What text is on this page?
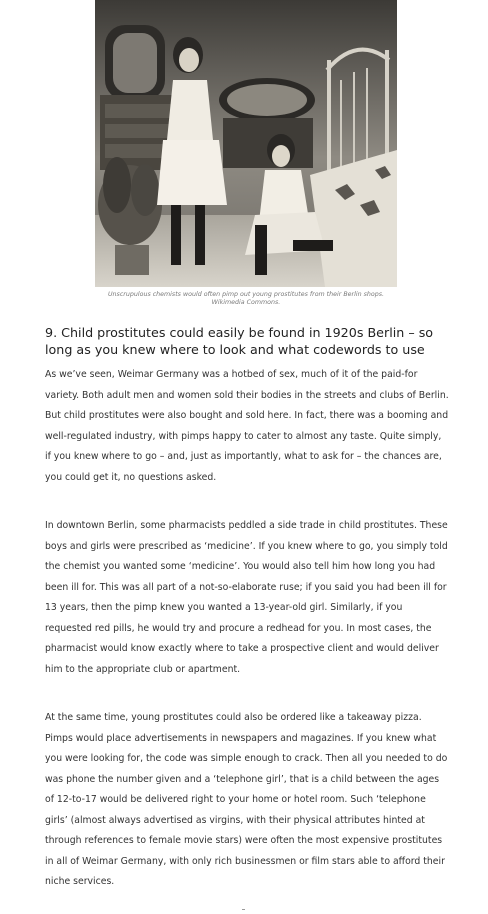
Unscrupulous chemists would often pimp out young prostitutes from their Berlin shops. Wikimedia Commons.
9. Child prostitutes could easily be found in 1920s Berlin – so long as you knew where to look and what codewords to use

As we’ve seen, Weimar Germany was a hotbed of sex, much of it of the paid-for variety. Both adult men and women sold their bodies in the streets and clubs of Berlin. But child prostitutes were also bought and sold here. In fact, there was a booming and well-regulated industry, with pimps happy to cater to almost any taste. Quite simply, if you knew where to go – and, just as importantly, what to ask for – the chances are, you could get it, no questions asked.

In downtown Berlin, some pharmacists peddled a side trade in child prostitutes. These boys and girls were prescribed as ‘medicine’. If you knew where to go, you simply told the chemist you wanted some ‘medicine’. You would also tell him how long you had been ill for. This was all part of a not-so-elaborate ruse; if you said you had been ill for 13 years, then the pimp knew you wanted a 13-year-old girl. Similarly, if you requested red pills, he would try and procure a redhead for you. In most cases, the pharmacist would know exactly where to take a prospective client and would deliver him to the appropriate club or apartment.

At the same time, young prostitutes could also be ordered like a takeaway pizza. Pimps would place advertisements in newspapers and magazines. If you knew what you were looking for, the code was simple enough to crack. Then all you needed to do was phone the number given and a ‘telephone girl’, that is a child between the ages of 12-to-17 would be delivered right to your home or hotel room. Such ‘telephone girls’ (almost always advertised as virgins, with their physical attributes hinted at through references to female movie stars) were often the most expensive prostitutes in all of Weimar Germany, with only rich businessmen or film stars able to afford their niche services.
